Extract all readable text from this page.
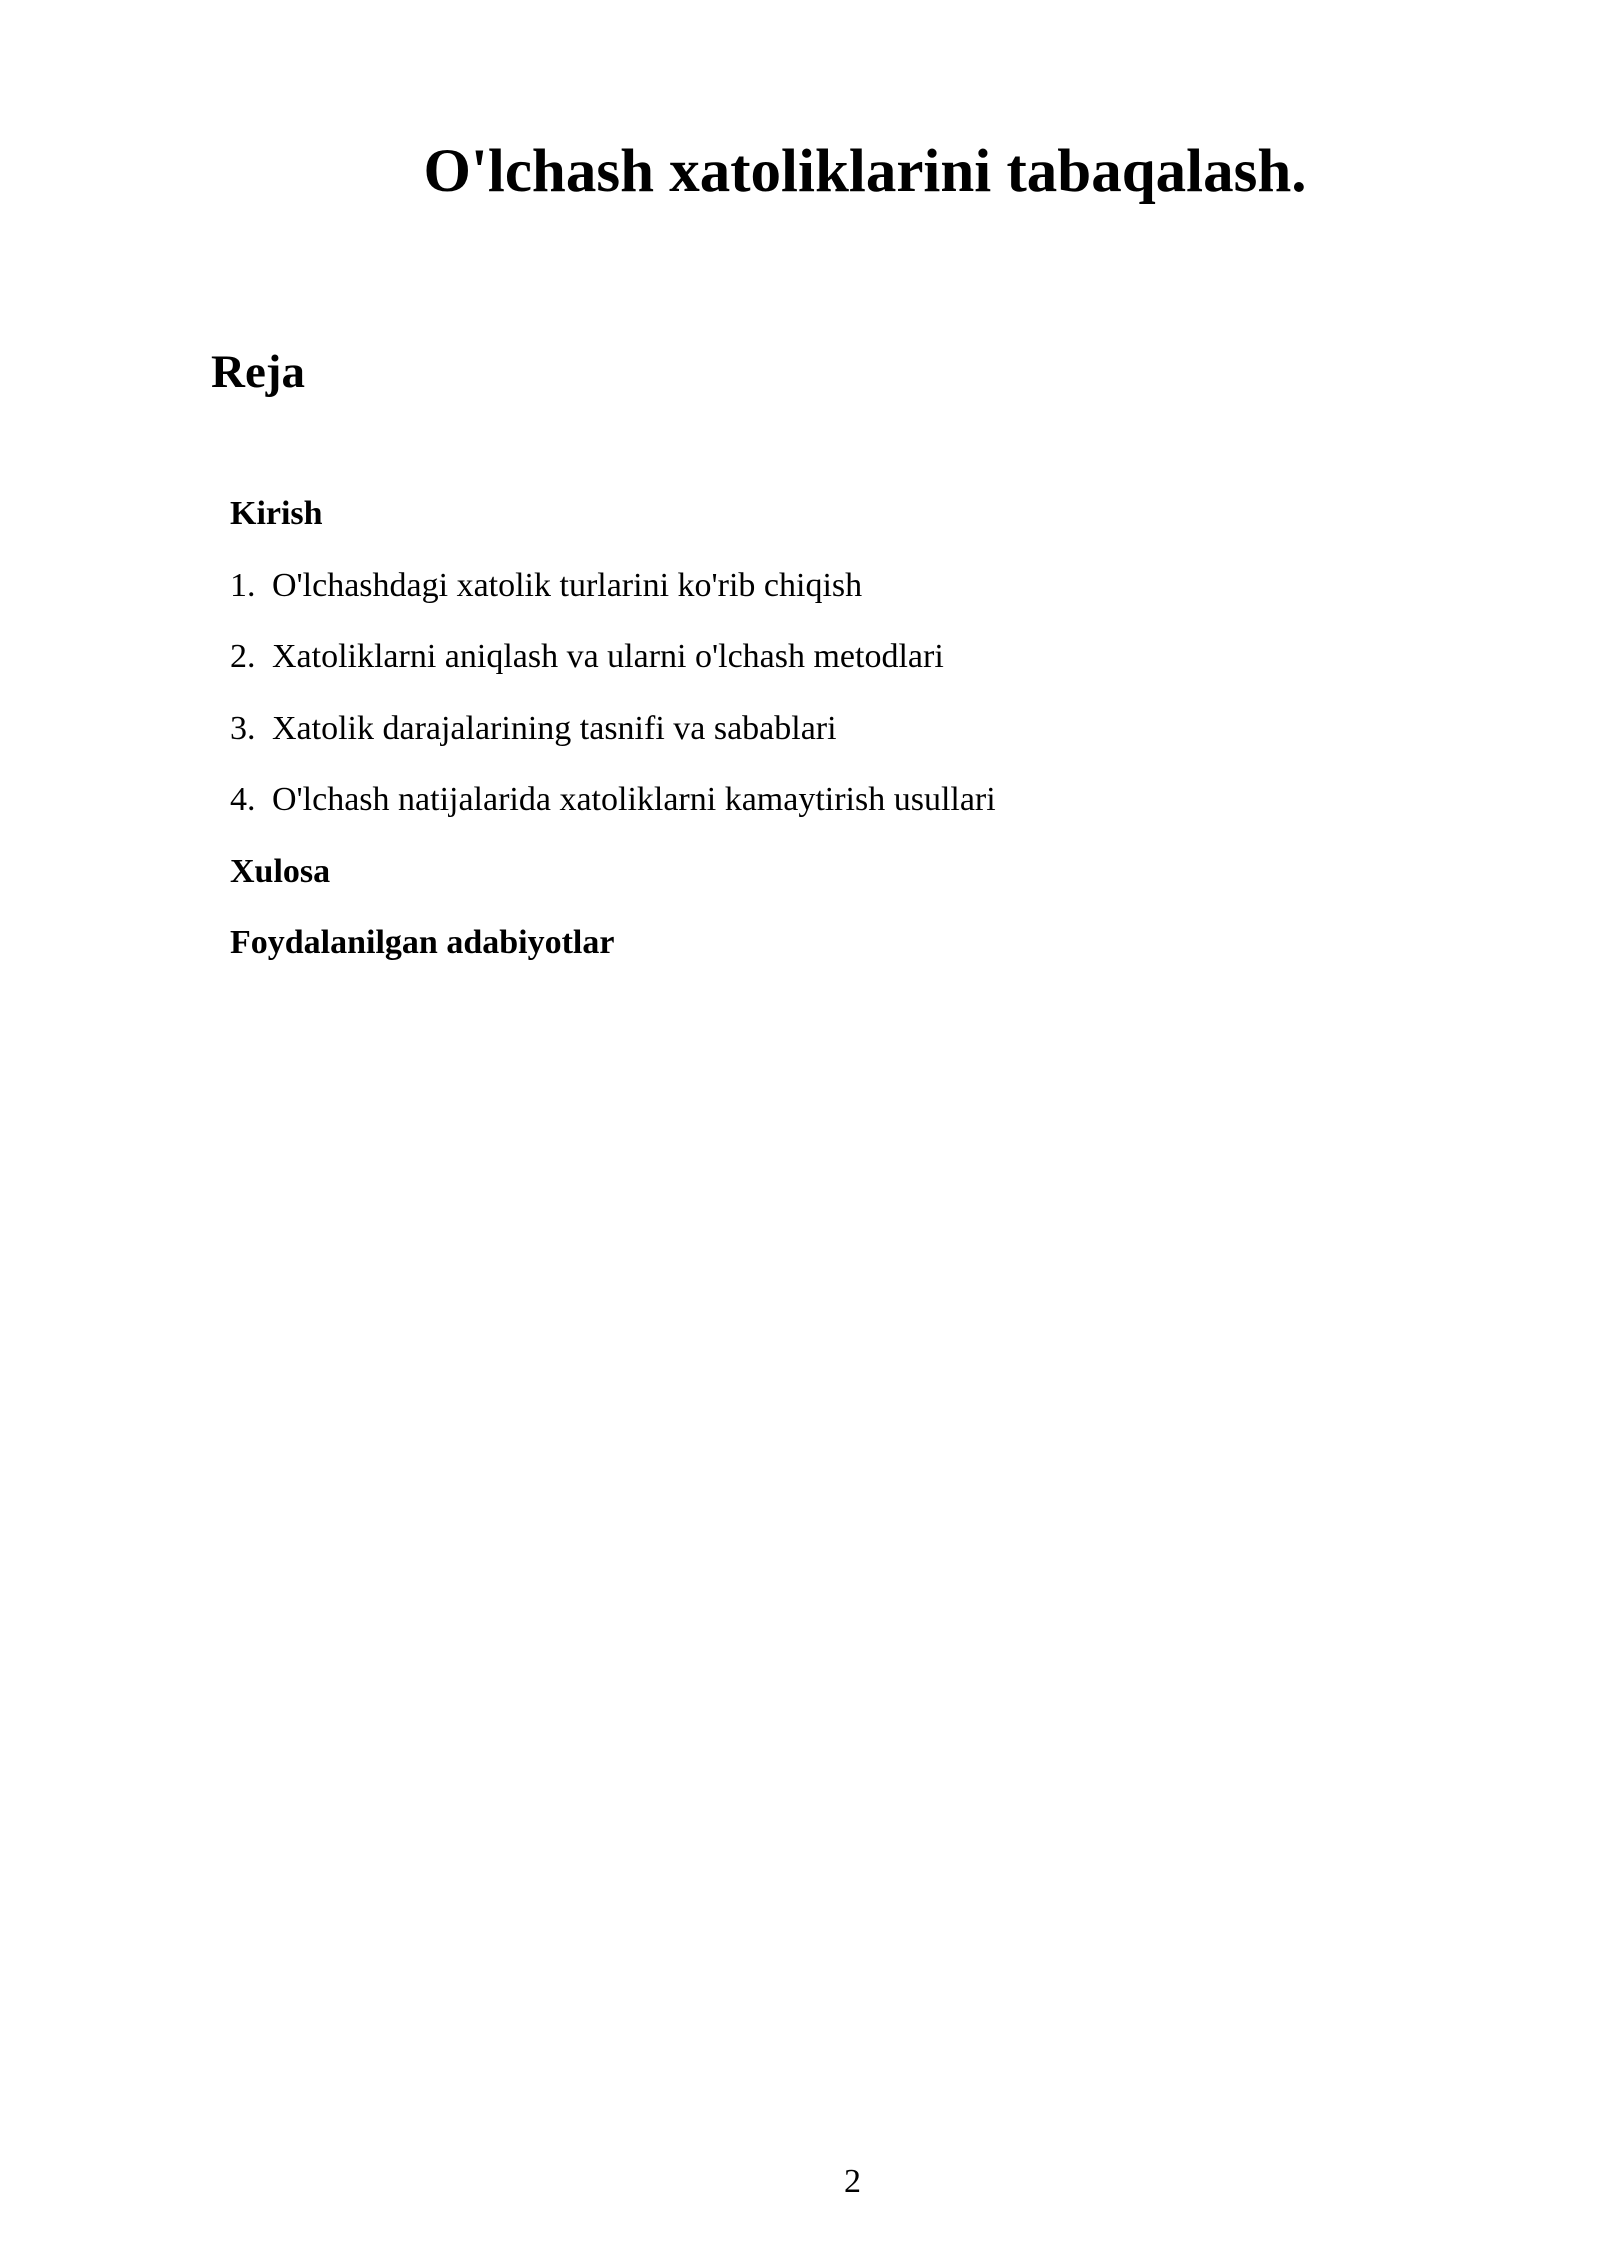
O'lchash xatoliklarini tabaqalash.
Reja
Kirish
1. O'lchashdagi xatolik turlarini ko'rib chiqish
2. Xatoliklarni aniqlash va ularni o'lchash metodlari
3. Xatolik darajalarining tasnifi va sabablari
4. O'lchash natijalarida xatoliklarni kamaytirish usullari
Xulosa
Foydalanilgan adabiyotlar
2
